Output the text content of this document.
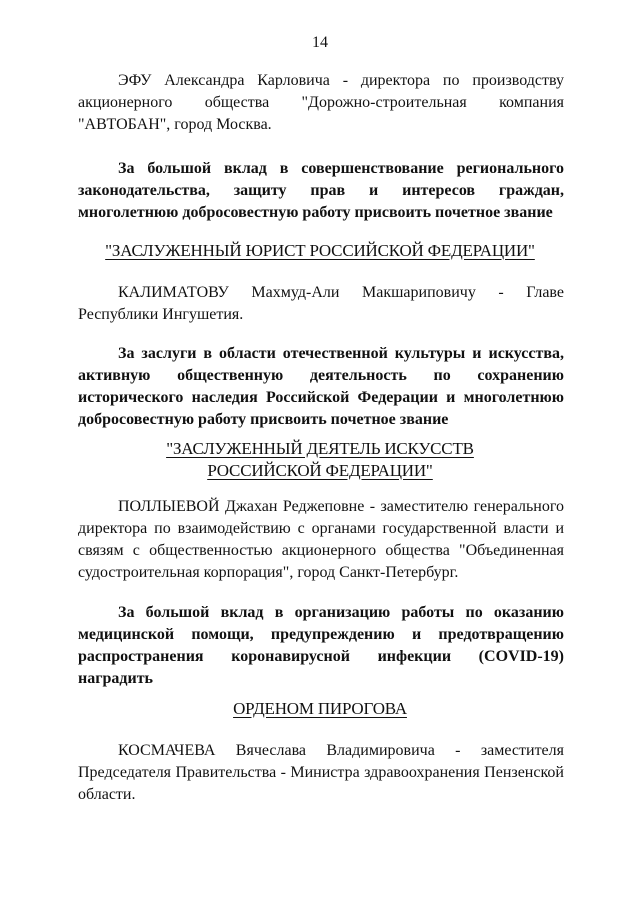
14

ЭФУ Александра Карловича - директора по производству акционерного общества "Дорожно-строительная компания "АВТОБАН", город Москва.

За большой вклад в совершенствование регионального законодательства, защиту прав и интересов граждан, многолетнюю добросовестную работу присвоить почетное звание

"ЗАСЛУЖЕННЫЙ ЮРИСТ РОССИЙСКОЙ ФЕДЕРАЦИИ"

КАЛИМАТОВУ Махмуд-Али Макшариповичу - Главе Республики Ингушетия.

За заслуги в области отечественной культуры и искусства, активную общественную деятельность по сохранению исторического наследия Российской Федерации и многолетнюю добросовестную работу присвоить почетное звание

"ЗАСЛУЖЕННЫЙ ДЕЯТЕЛЬ ИСКУССТВ
РОССИЙСКОЙ ФЕДЕРАЦИИ"

ПОЛЛЫЕВОЙ Джахан Реджеповне - заместителю генерального директора по взаимодействию с органами государственной власти и связям с общественностью акционерного общества "Объединенная судостроительная корпорация", город Санкт-Петербург.

За большой вклад в организацию работы по оказанию медицинской помощи, предупреждению и предотвращению распространения коронавирусной инфекции (COVID-19) наградить

ОРДЕНОМ ПИРОГОВА

КОСМАЧЕВА Вячеслава Владимировича - заместителя Председателя Правительства - Министра здравоохранения Пензенской области.
